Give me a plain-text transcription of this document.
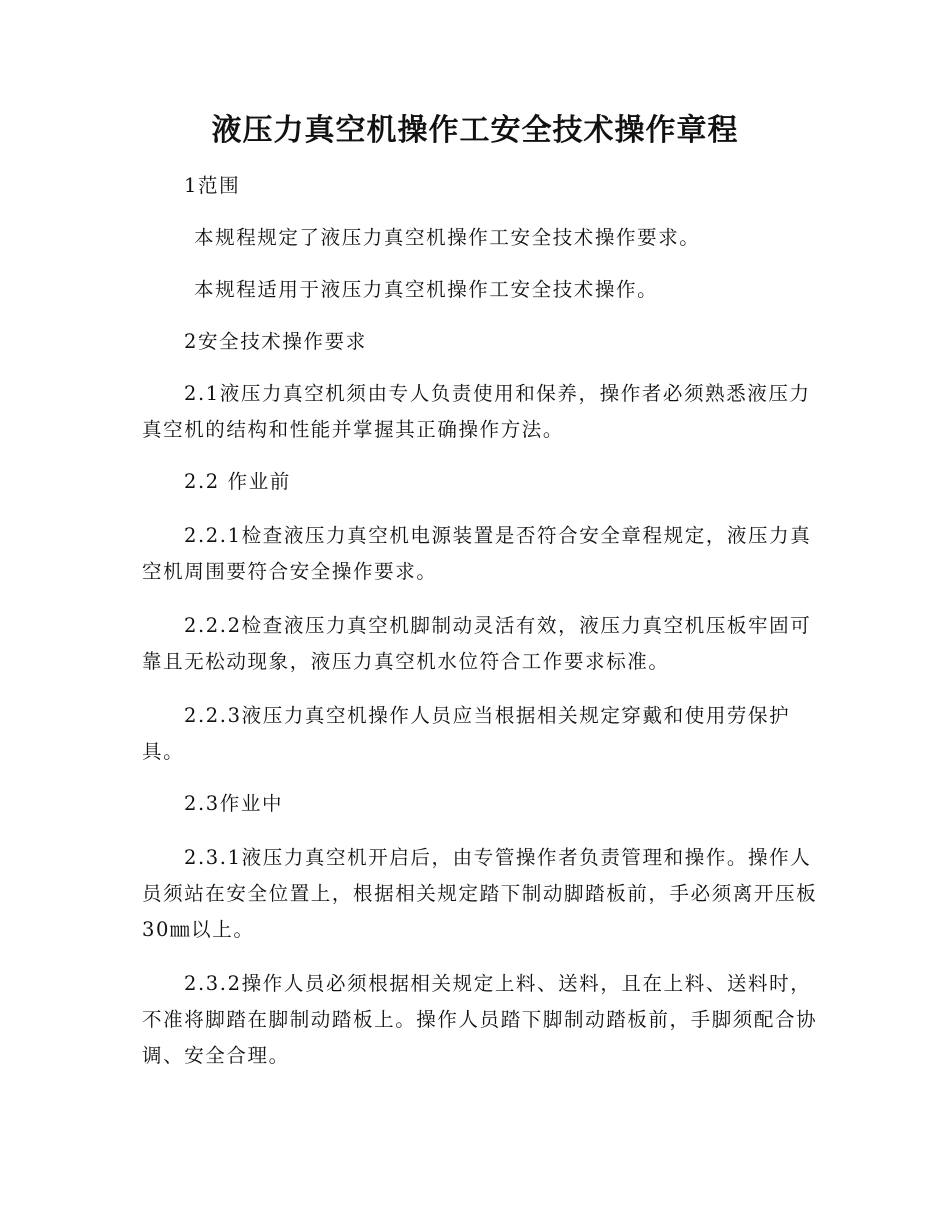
液压力真空机操作工安全技术操作章程

1范围

本规程规定了液压力真空机操作工安全技术操作要求。

本规程适用于液压力真空机操作工安全技术操作。

2安全技术操作要求

2.1液压力真空机须由专人负责使用和保养，操作者必须熟悉液压力真空机的结构和性能并掌握其正确操作方法。

2.2 作业前

2.2.1检查液压力真空机电源装置是否符合安全章程规定，液压力真空机周围要符合安全操作要求。

2.2.2检查液压力真空机脚制动灵活有效，液压力真空机压板牢固可靠且无松动现象，液压力真空机水位符合工作要求标准。

2.2.3液压力真空机操作人员应当根据相关规定穿戴和使用劳保护具。

2.3作业中

2.3.1液压力真空机开启后，由专管操作者负责管理和操作。操作人员须站在安全位置上，根据相关规定踏下制动脚踏板前，手必须离开压板30㎜以上。

2.3.2操作人员必须根据相关规定上料、送料，且在上料、送料时，不准将脚踏在脚制动踏板上。操作人员踏下脚制动踏板前，手脚须配合协调、安全合理。
